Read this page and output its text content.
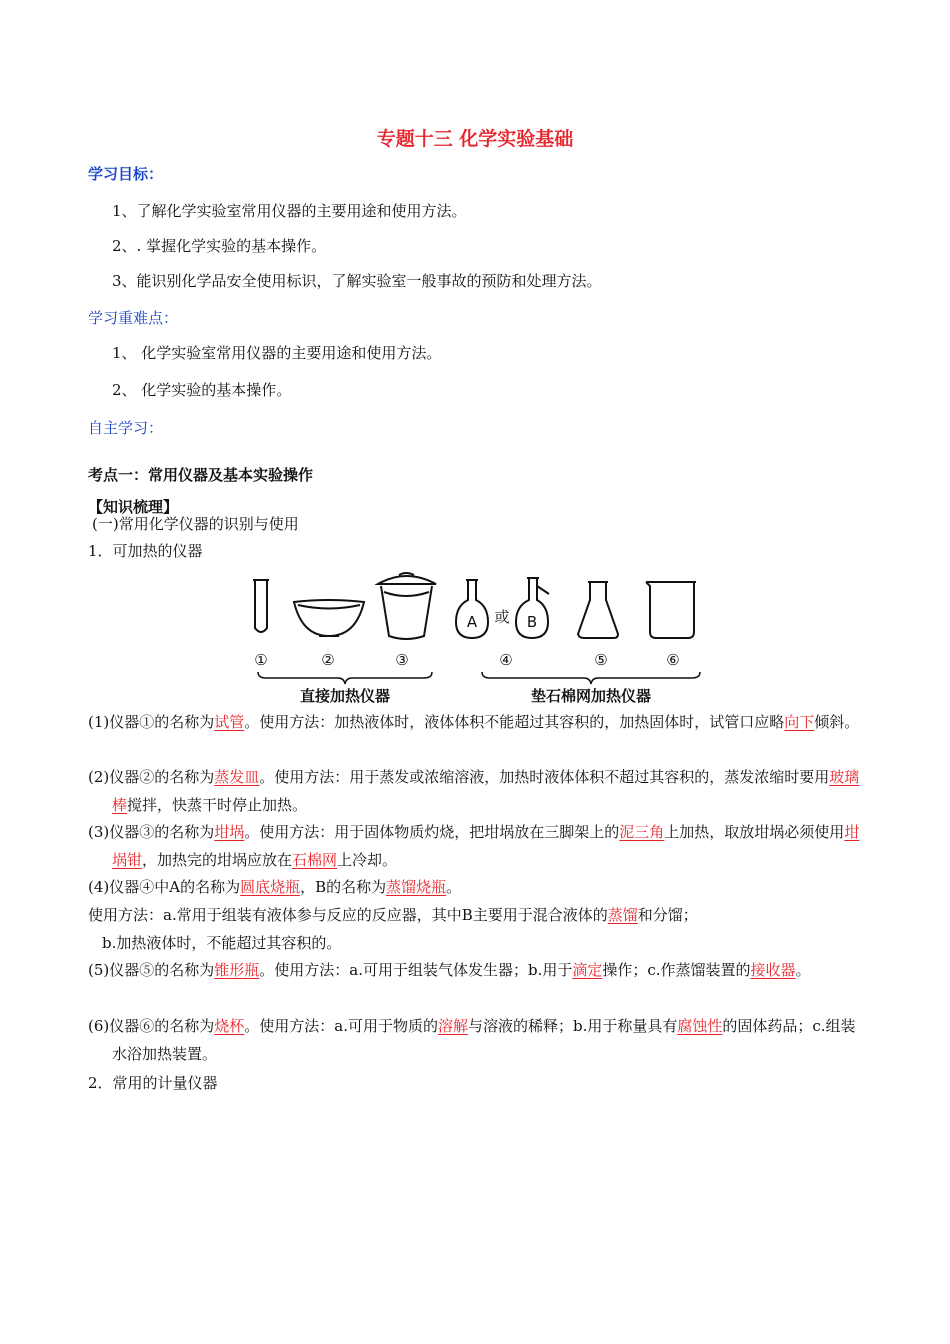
专题十三 化学实验基础
学习目标：
1、了解化学实验室常用仪器的主要用途和使用方法。
2、. 掌握化学实验的基本操作。
3、能识别化学品安全使用标识，了解实验室一般事故的预防和处理方法。
学习重难点：
1、 化学实验室常用仪器的主要用途和使用方法。
2、 化学实验的基本操作。
自主学习：
考点一：常用仪器及基本实验操作
【知识梳理】
(一)常用化学仪器的识别与使用
1．可加热的仪器
A	B
或
①	②	③	④	⑤	⑥
直接加热仪器	垫石棉网加热仪器
(1)仪器①的名称为试管。使用方法：加热液体时，液体体积不能超过其容积的，加热固体时，试管口应略向下倾斜。
(2)仪器②的名称为蒸发皿。使用方法：用于蒸发或浓缩溶液，加热时液体体积不超过其容积的，蒸发浓缩时要用玻璃棒搅拌，快蒸干时停止加热。
(3)仪器③的名称为坩埚。使用方法：用于固体物质灼烧，把坩埚放在三脚架上的泥三角上加热，取放坩埚必须使用坩埚钳，加热完的坩埚应放在石棉网上冷却。
(4)仪器④中A的名称为圆底烧瓶，B的名称为蒸馏烧瓶。
使用方法：a.常用于组装有液体参与反应的反应器，其中B主要用于混合液体的蒸馏和分馏；
b.加热液体时，不能超过其容积的。
(5)仪器⑤的名称为锥形瓶。使用方法：a.可用于组装气体发生器；b.用于滴定操作；c.作蒸馏装置的接收器。
(6)仪器⑥的名称为烧杯。使用方法：a.可用于物质的溶解与溶液的稀释；b.用于称量具有腐蚀性的固体药品；c.组装水浴加热装置。
2．常用的计量仪器
